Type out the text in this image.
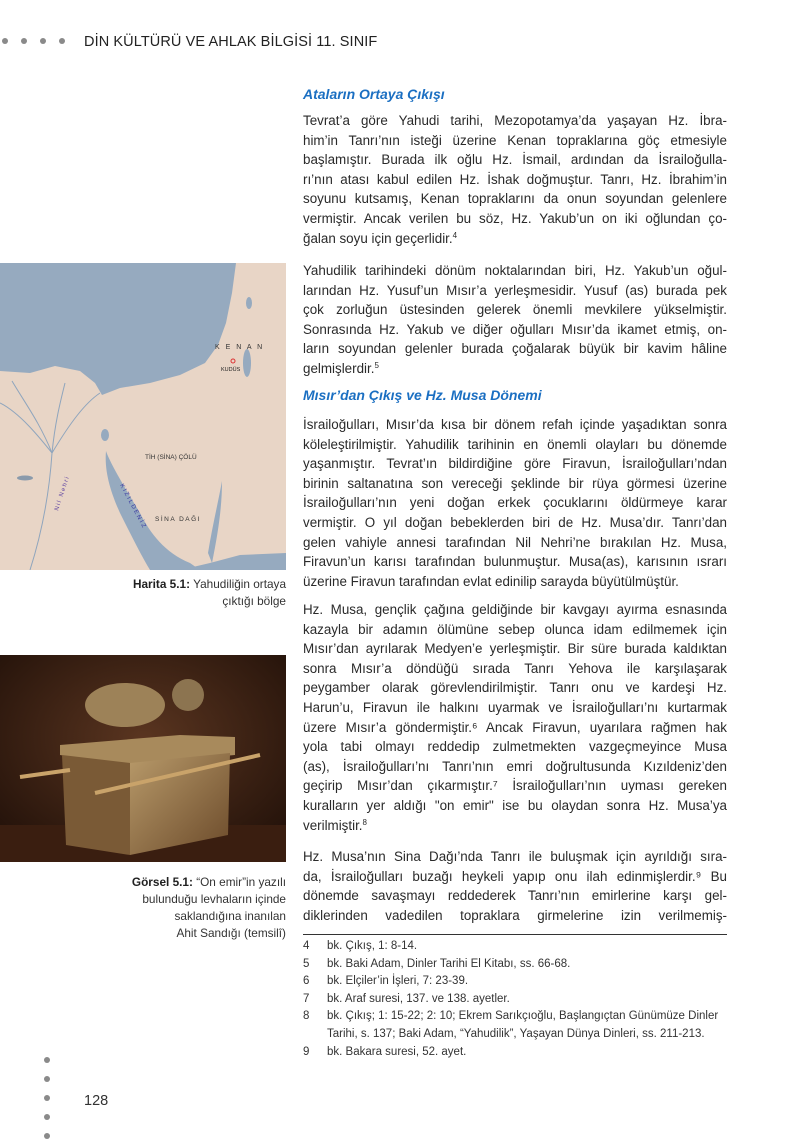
DİN KÜLTÜRÜ VE AHLAK BİLGİSİ 11. SINIF
K E N A N
KUDÜS
TİH (SİNA) ÇÖLÜ
SİNA DAĞI
Nil Nehri	KIZILDENİZ
Harita 5.1: Yahudiliğin ortaya
çıktığı bölge
Görsel 5.1: “On emir”in yazılı
bulunduğu levhaların içinde
saklandığına inanılan
Ahit Sandığı (temsilî)
Ataların Ortaya Çıkışı
Mısır’dan Çıkış ve Hz. Musa Dönemi
Tevrat’a göre Yahudi tarihi, Mezopotamya’da yaşayan Hz. İbra-
him’in Tanrı’nın isteği üzerine Kenan topraklarına göç etmesiyle
başlamıştır. Burada ilk oğlu Hz. İsmail, ardından da İsrailoğulla-
rı’nın atası kabul edilen Hz. İshak doğmuştur. Tanrı, Hz. İbrahim’in
soyunu kutsamış, Kenan topraklarını da onun soyundan gelenlere
vermiştir. Ancak verilen bu söz, Hz. Yakub’un on iki oğlundan ço-
ğalan soyu için geçerlidir.$^4$
Yahudilik tarihindeki dönüm noktalarından biri, Hz. Yakub’un oğul-
larından Hz. Yusuf’un Mısır’a yerleşmesidir. Yusuf (as) burada pek
çok zorluğun üstesinden gelerek önemli mevkilere yükselmiştir.
Sonrasında Hz. Yakub ve diğer oğulları Mısır’da ikamet etmiş, on-
ların soyundan gelenler burada çoğalarak büyük bir kavim hâline
gelmişlerdir.$^5$
İsrailoğulları, Mısır’da kısa bir dönem refah içinde yaşadıktan sonra
köleleştirilmiştir. Yahudilik tarihinin en önemli olayları bu dönemde
yaşanmıştır. Tevrat’ın bildirdiğine göre Firavun, İsrailoğulları’ndan
birinin saltanatına son vereceği şeklinde bir rüya görmesi üzerine
İsrailoğulları’nın yeni doğan erkek çocuklarını öldürmeye karar
vermiştir. O yıl doğan bebeklerden biri de Hz. Musa’dır. Tanrı’dan
gelen vahiyle annesi tarafından Nil Nehri’ne bırakılan Hz. Musa,
Firavun’un karısı tarafından bulunmuştur. Musa(as), karısının ısrarı
üzerine Firavun tarafından evlat edinilip sarayda büyütülmüştür.
Hz. Musa, gençlik çağına geldiğinde bir kavgayı ayırma esnasında
kazayla bir adamın ölümüne sebep olunca idam edilmemek için
Mısır’dan ayrılarak Medyen’e yerleşmiştir. Bir süre burada kaldıktan
sonra Mısır’a döndüğü sırada Tanrı Yehova ile karşılaşarak
peygamber olarak görevlendirilmiştir. Tanrı onu ve kardeşi Hz.
Harun’u, Firavun ile halkını uyarmak ve İsrailoğulları’nı kurtarmak
üzere Mısır’a göndermiştir.⁶ Ancak Firavun, uyarılara rağmen hak
yola tabi olmayı reddedip zulmetmekten vazgeçmeyince Musa
(as), İsrailoğulları’nı Tanrı’nın emri doğrultusunda Kızıldeniz’den
geçirip Mısır’dan çıkarmıştır.⁷ İsrailoğulları’nın uyması gereken
kuralların yer aldığı "on emir" ise bu olaydan sonra Hz. Musa’ya
verilmiştir.$^8$
Hz. Musa’nın Sina Dağı’nda Tanrı ile buluşmak için ayrıldığı sıra-
da, İsrailoğulları buzağı heykeli yapıp onu ilah edinmişlerdir.⁹ Bu
dönemde savaşmayı reddederek Tanrı’nın emirlerine karşı gel-
diklerinden vadedilen topraklara girmelerine izin verilmemiş-
4	bk. Çıkış, 1: 8-14.
5	bk. Baki Adam, Dinler Tarihi El Kitabı, ss. 66-68.
6	bk. Elçiler’in İşleri, 7: 23-39.
7	bk. Araf suresi, 137. ve 138. ayetler.
8	bk. Çıkış; 1: 15-22; 2: 10; Ekrem Sarıkçıoğlu, Başlangıçtan Günümüze Dinler Tarihi, s. 137; Baki Adam, “Yahudilik”, Yaşayan Dünya Dinleri, ss. 211-213.
9	bk. Bakara suresi, 52. ayet.
128
